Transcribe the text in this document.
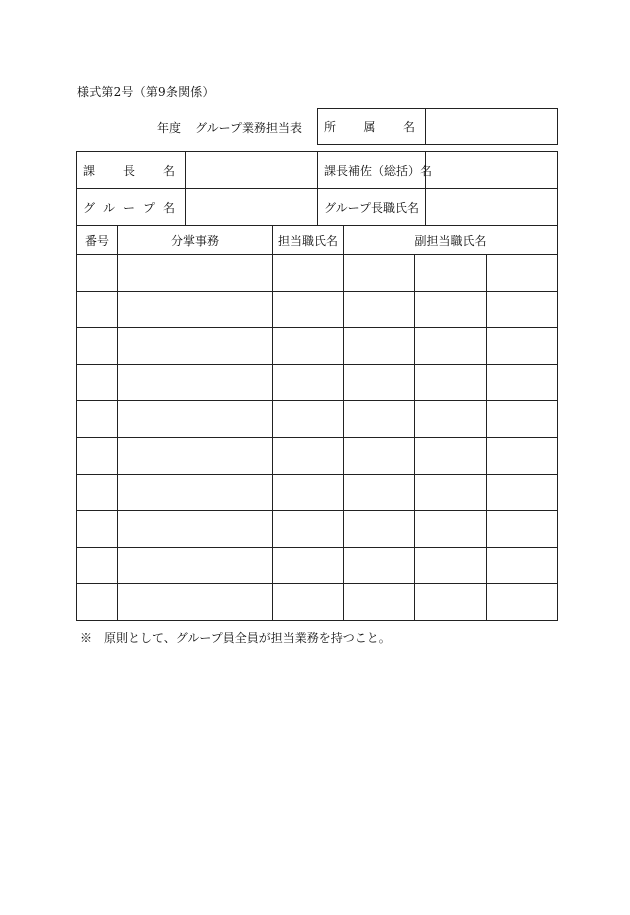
様式第2号（第9条関係）
年度 グループ業務担当表 所 属 名

課 長 名		課長補佐（総括）名	

グ ル ー プ 名		グループ長職氏名	
番号	分掌事務	担当職氏名	副担当職氏名		

※　原則として、グループ員全員が担当業務を持つこと。
